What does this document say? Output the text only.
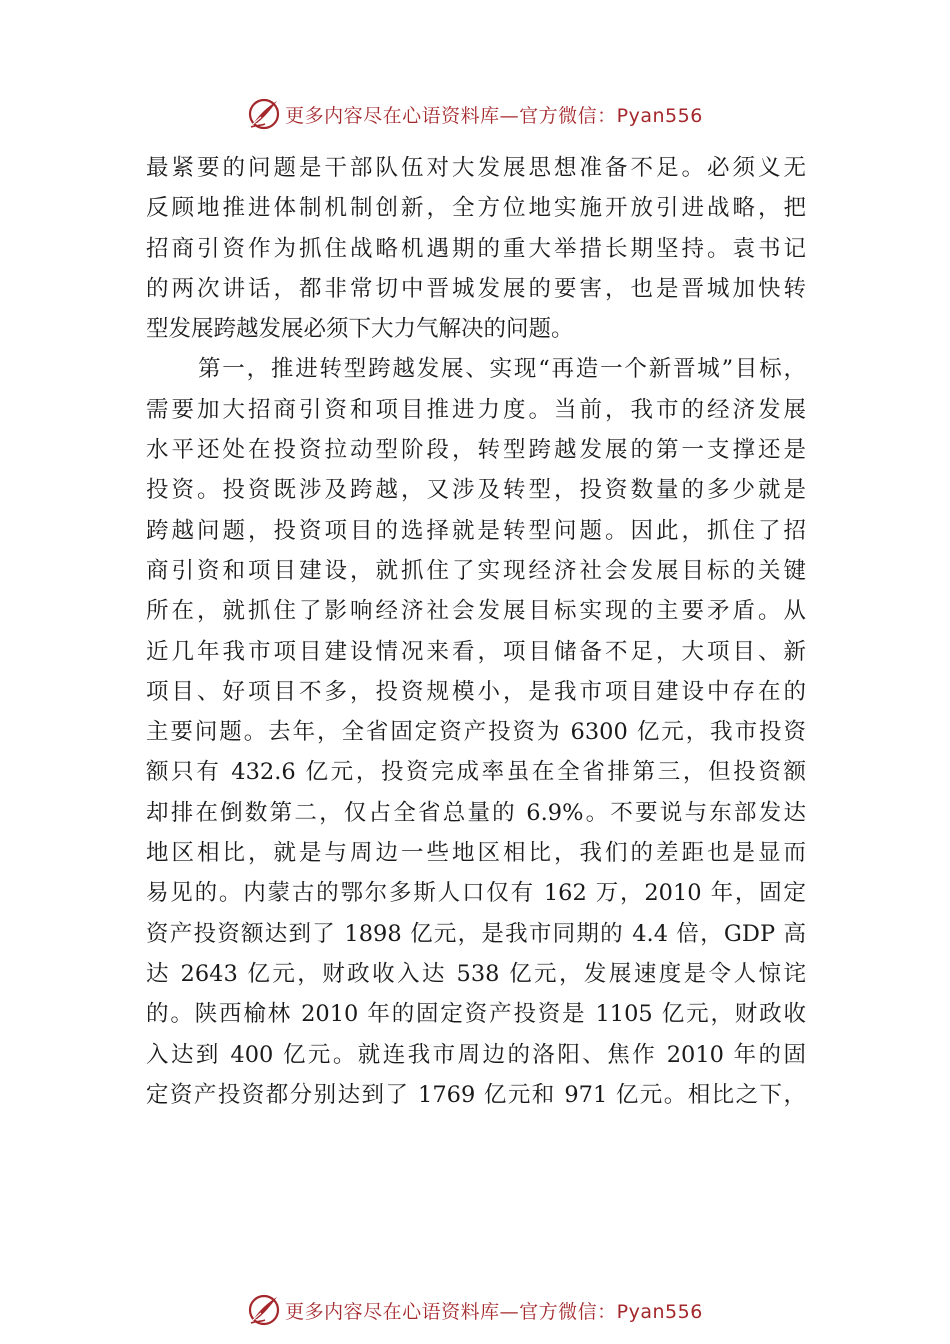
更多内容尽在心语资料库—官方微信：Pyan556
最紧要的问题是干部队伍对大发展思想准备不足。必须义无
反顾地推进体制机制创新，全方位地实施开放引进战略，把
招商引资作为抓住战略机遇期的重大举措长期坚持。袁书记
的两次讲话，都非常切中晋城发展的要害，也是晋城加快转
型发展跨越发展必须下大力气解决的问题。
第一，推进转型跨越发展、实现“再造一个新晋城”目标，
需要加大招商引资和项目推进力度。当前，我市的经济发展
水平还处在投资拉动型阶段，转型跨越发展的第一支撑还是
投资。投资既涉及跨越，又涉及转型，投资数量的多少就是
跨越问题，投资项目的选择就是转型问题。因此，抓住了招
商引资和项目建设，就抓住了实现经济社会发展目标的关键
所在，就抓住了影响经济社会发展目标实现的主要矛盾。从
近几年我市项目建设情况来看，项目储备不足，大项目、新
项目、好项目不多，投资规模小，是我市项目建设中存在的
主要问题。去年，全省固定资产投资为 6300 亿元，我市投资
额只有 432.6 亿元，投资完成率虽在全省排第三，但投资额
却排在倒数第二，仅占全省总量的 6.9%。不要说与东部发达
地区相比，就是与周边一些地区相比，我们的差距也是显而
易见的。内蒙古的鄂尔多斯人口仅有 162 万，2010 年，固定
资产投资额达到了 1898 亿元，是我市同期的 4.4 倍，GDP 高
达 2643 亿元，财政收入达 538 亿元，发展速度是令人惊诧
的。陕西榆林 2010 年的固定资产投资是 1105 亿元，财政收
入达到 400 亿元。就连我市周边的洛阳、焦作 2010 年的固
定资产投资都分别达到了 1769 亿元和 971 亿元。相比之下，
更多内容尽在心语资料库—官方微信：Pyan556
